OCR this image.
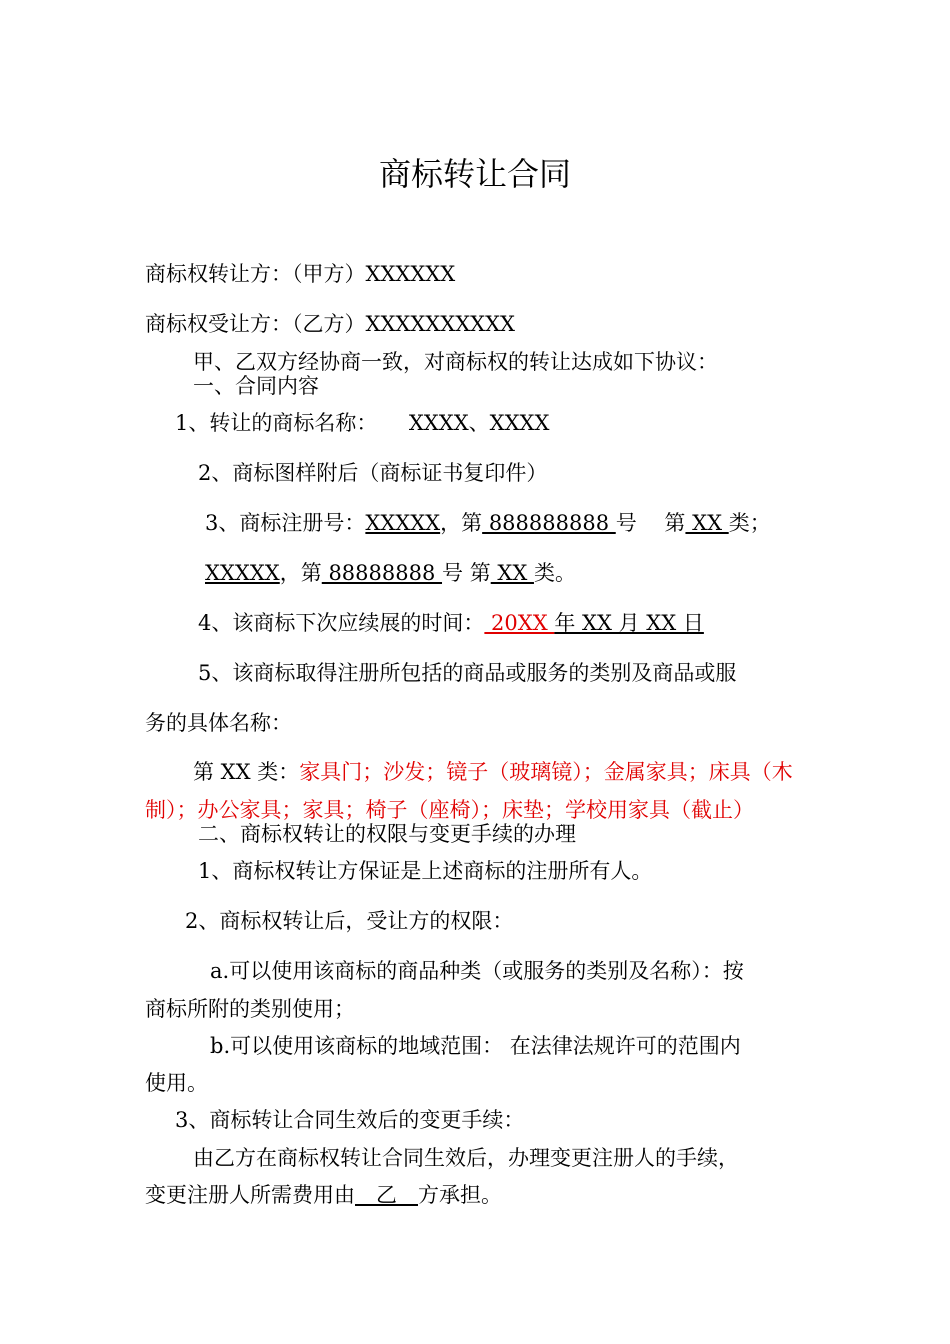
商标转让合同
商标权转让方：（甲方）XXXXXX
商标权受让方：（乙方）XXXXXXXXXX
甲、乙双方经协商一致，对商标权的转让达成如下协议：
一、合同内容
1、转让的商标名称：　　XXXX、XXXX
2、商标图样附后（商标证书复印件）
3、商标注册号：XXXXX，第 888888888 号　 第 XX 类；
XXXXX，第 88888888 号 第 XX 类。
4、该商标下次应续展的时间： 20XX 年 XX 月 XX 日
5、该商标取得注册所包括的商品或服务的类别及商品或服
务的具体名称：
第 XX 类：家具门；沙发；镜子（玻璃镜）；金属家具；床具（木
制）；办公家具；家具；椅子（座椅）；床垫；学校用家具（截止）
二、商标权转让的权限与变更手续的办理
1、商标权转让方保证是上述商标的注册所有人。
2、商标权转让后，受让方的权限：
a.可以使用该商标的商品种类（或服务的类别及名称）：按
商标所附的类别使用；
b.可以使用该商标的地域范围： 在法律法规许可的范围内
使用。
3、商标转让合同生效后的变更手续：
由乙方在商标权转让合同生效后，办理变更注册人的手续，
变更注册人所需费用由　乙　方承担。
